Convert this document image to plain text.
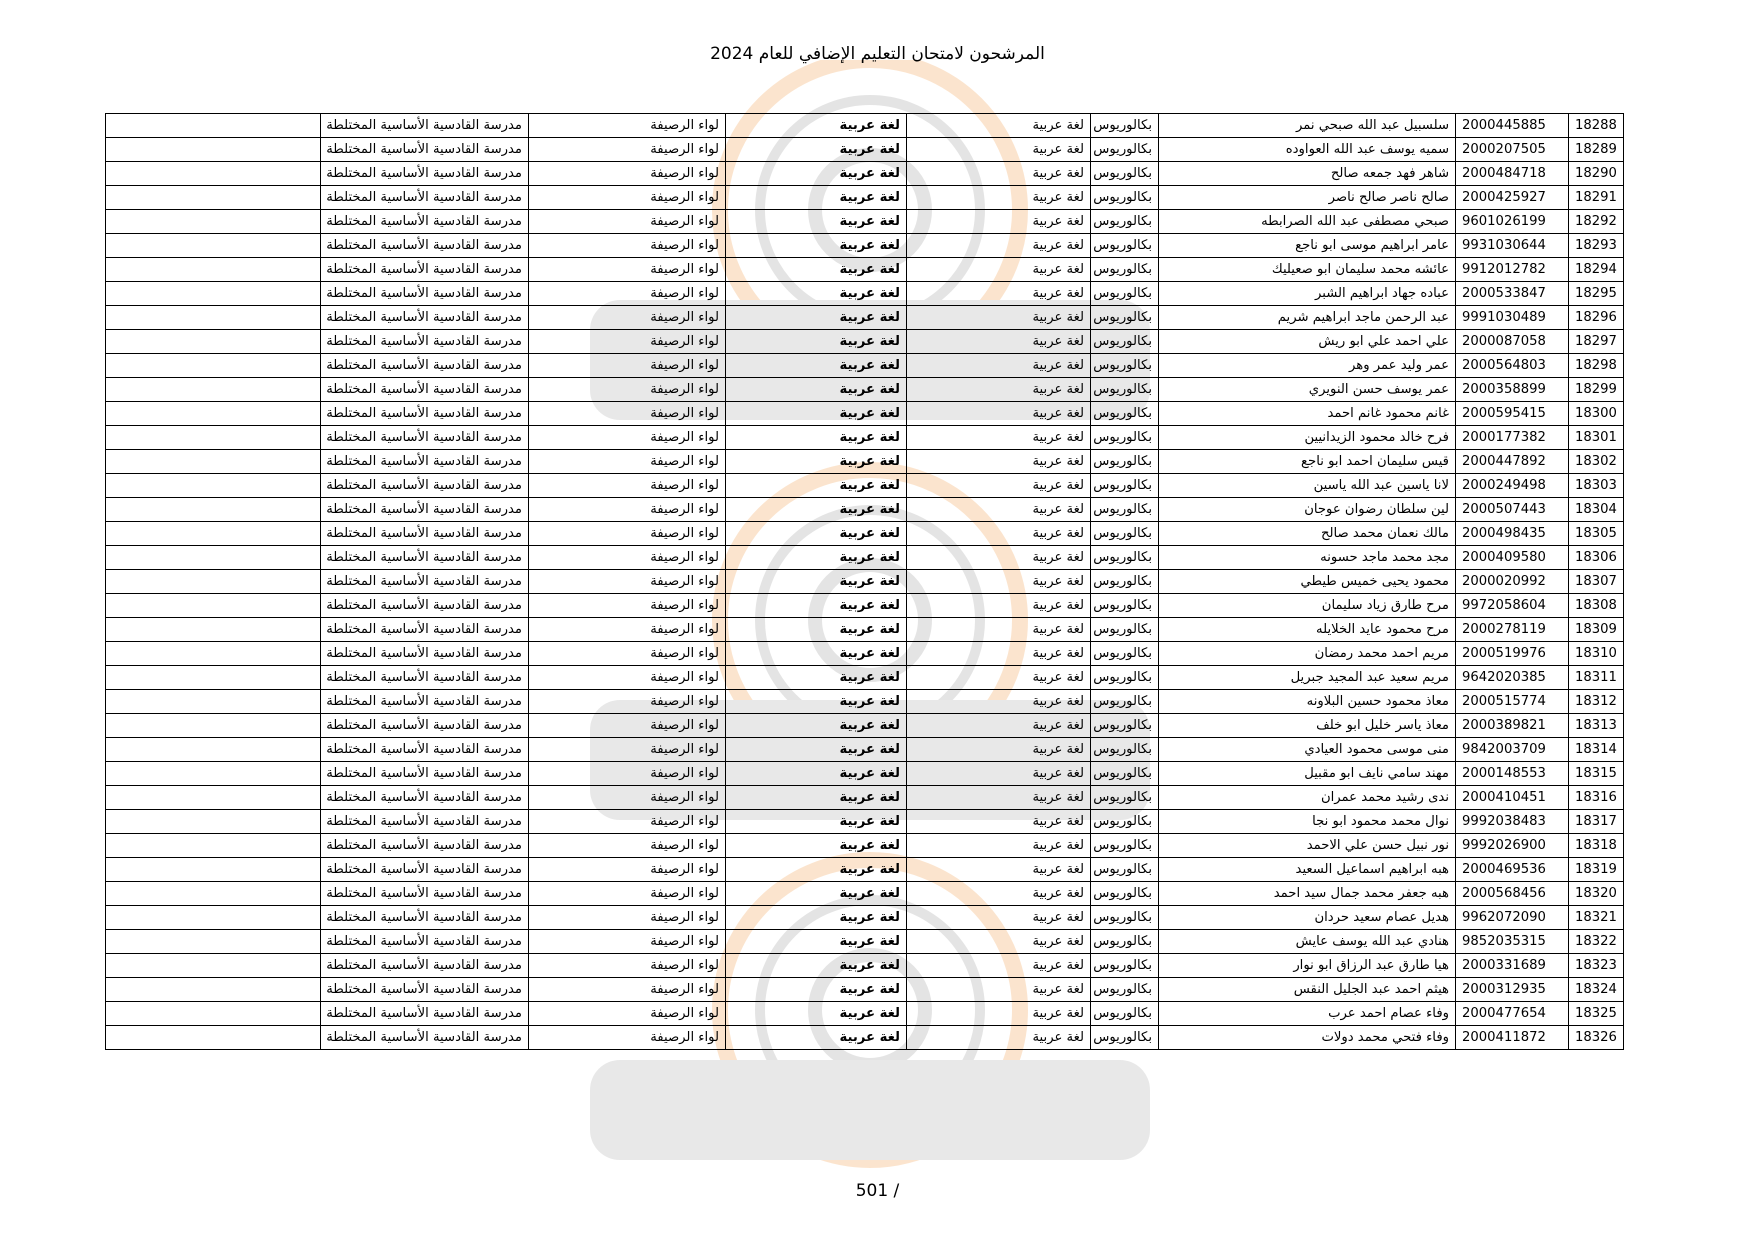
المرشحون لامتحان التعليم الإضافي للعام 2024
18288	2000445885	سلسبيل عبد الله صبحي نمر	بكالوريوس	لغة عربية	لغة عربية	لواء الرصيفة	مدرسة القادسية الأساسية المختلطة	
18289	2000207505	سميه يوسف عبد الله العواوده	بكالوريوس	لغة عربية	لغة عربية	لواء الرصيفة	مدرسة القادسية الأساسية المختلطة	
18290	2000484718	شاهر فهد جمعه صالح	بكالوريوس	لغة عربية	لغة عربية	لواء الرصيفة	مدرسة القادسية الأساسية المختلطة	
18291	2000425927	صالح ناصر صالح ناصر	بكالوريوس	لغة عربية	لغة عربية	لواء الرصيفة	مدرسة القادسية الأساسية المختلطة	
18292	9601026199	صبحي مصطفى عبد الله الصرابطه	بكالوريوس	لغة عربية	لغة عربية	لواء الرصيفة	مدرسة القادسية الأساسية المختلطة	
18293	9931030644	عامر ابراهيم موسى ابو ناجع	بكالوريوس	لغة عربية	لغة عربية	لواء الرصيفة	مدرسة القادسية الأساسية المختلطة	
18294	9912012782	عائشه محمد سليمان ابو صعيليك	بكالوريوس	لغة عربية	لغة عربية	لواء الرصيفة	مدرسة القادسية الأساسية المختلطة	
18295	2000533847	عباده جهاد ابراهيم الشبر	بكالوريوس	لغة عربية	لغة عربية	لواء الرصيفة	مدرسة القادسية الأساسية المختلطة	
18296	9991030489	عبد الرحمن ماجد ابراهيم شريم	بكالوريوس	لغة عربية	لغة عربية	لواء الرصيفة	مدرسة القادسية الأساسية المختلطة	
18297	2000087058	علي احمد علي ابو ريش	بكالوريوس	لغة عربية	لغة عربية	لواء الرصيفة	مدرسة القادسية الأساسية المختلطة	
18298	2000564803	عمر وليد عمر وهر	بكالوريوس	لغة عربية	لغة عربية	لواء الرصيفة	مدرسة القادسية الأساسية المختلطة	
18299	2000358899	عمر يوسف حسن النويري	بكالوريوس	لغة عربية	لغة عربية	لواء الرصيفة	مدرسة القادسية الأساسية المختلطة	
18300	2000595415	غانم محمود غانم احمد	بكالوريوس	لغة عربية	لغة عربية	لواء الرصيفة	مدرسة القادسية الأساسية المختلطة	
18301	2000177382	فرح خالد محمود الزيدانيين	بكالوريوس	لغة عربية	لغة عربية	لواء الرصيفة	مدرسة القادسية الأساسية المختلطة	
18302	2000447892	قيس سليمان احمد ابو ناجع	بكالوريوس	لغة عربية	لغة عربية	لواء الرصيفة	مدرسة القادسية الأساسية المختلطة	
18303	2000249498	لانا ياسين عبد الله ياسين	بكالوريوس	لغة عربية	لغة عربية	لواء الرصيفة	مدرسة القادسية الأساسية المختلطة	
18304	2000507443	لين سلطان رضوان عوجان	بكالوريوس	لغة عربية	لغة عربية	لواء الرصيفة	مدرسة القادسية الأساسية المختلطة	
18305	2000498435	مالك نعمان محمد صالح	بكالوريوس	لغة عربية	لغة عربية	لواء الرصيفة	مدرسة القادسية الأساسية المختلطة	
18306	2000409580	مجد محمد ماجد حسونه	بكالوريوس	لغة عربية	لغة عربية	لواء الرصيفة	مدرسة القادسية الأساسية المختلطة	
18307	2000020992	محمود يحيى خميس طيطي	بكالوريوس	لغة عربية	لغة عربية	لواء الرصيفة	مدرسة القادسية الأساسية المختلطة	
18308	9972058604	مرح طارق زياد سليمان	بكالوريوس	لغة عربية	لغة عربية	لواء الرصيفة	مدرسة القادسية الأساسية المختلطة	
18309	2000278119	مرح محمود عايد الخلايله	بكالوريوس	لغة عربية	لغة عربية	لواء الرصيفة	مدرسة القادسية الأساسية المختلطة	
18310	2000519976	مريم احمد محمد رمضان	بكالوريوس	لغة عربية	لغة عربية	لواء الرصيفة	مدرسة القادسية الأساسية المختلطة	
18311	9642020385	مريم سعيد عبد المجيد جبريل	بكالوريوس	لغة عربية	لغة عربية	لواء الرصيفة	مدرسة القادسية الأساسية المختلطة	
18312	2000515774	معاذ محمود حسين البلاونه	بكالوريوس	لغة عربية	لغة عربية	لواء الرصيفة	مدرسة القادسية الأساسية المختلطة	
18313	2000389821	معاذ ياسر خليل ابو خلف	بكالوريوس	لغة عربية	لغة عربية	لواء الرصيفة	مدرسة القادسية الأساسية المختلطة	
18314	9842003709	منى موسى محمود العيادي	بكالوريوس	لغة عربية	لغة عربية	لواء الرصيفة	مدرسة القادسية الأساسية المختلطة	
18315	2000148553	مهند سامي نايف ابو مقبيل	بكالوريوس	لغة عربية	لغة عربية	لواء الرصيفة	مدرسة القادسية الأساسية المختلطة	
18316	2000410451	ندى رشيد محمد عمران	بكالوريوس	لغة عربية	لغة عربية	لواء الرصيفة	مدرسة القادسية الأساسية المختلطة	
18317	9992038483	نوال محمد محمود ابو نجا	بكالوريوس	لغة عربية	لغة عربية	لواء الرصيفة	مدرسة القادسية الأساسية المختلطة	
18318	9992026900	نور نبيل حسن علي الاحمد	بكالوريوس	لغة عربية	لغة عربية	لواء الرصيفة	مدرسة القادسية الأساسية المختلطة	
18319	2000469536	هبه ابراهيم اسماعيل السعيد	بكالوريوس	لغة عربية	لغة عربية	لواء الرصيفة	مدرسة القادسية الأساسية المختلطة	
18320	2000568456	هبه جعفر محمد جمال سيد احمد	بكالوريوس	لغة عربية	لغة عربية	لواء الرصيفة	مدرسة القادسية الأساسية المختلطة	
18321	9962072090	هديل عصام سعيد حردان	بكالوريوس	لغة عربية	لغة عربية	لواء الرصيفة	مدرسة القادسية الأساسية المختلطة	
18322	9852035315	هنادي عبد الله يوسف عايش	بكالوريوس	لغة عربية	لغة عربية	لواء الرصيفة	مدرسة القادسية الأساسية المختلطة	
18323	2000331689	هيا طارق عبد الرزاق ابو نوار	بكالوريوس	لغة عربية	لغة عربية	لواء الرصيفة	مدرسة القادسية الأساسية المختلطة	
18324	2000312935	هيثم احمد عبد الجليل النقس	بكالوريوس	لغة عربية	لغة عربية	لواء الرصيفة	مدرسة القادسية الأساسية المختلطة	
18325	2000477654	وفاء عصام احمد عرب	بكالوريوس	لغة عربية	لغة عربية	لواء الرصيفة	مدرسة القادسية الأساسية المختلطة	
18326	2000411872	وفاء فتحي محمد دولات	بكالوريوس	لغة عربية	لغة عربية	لواء الرصيفة	مدرسة القادسية الأساسية المختلطة	
501 /
